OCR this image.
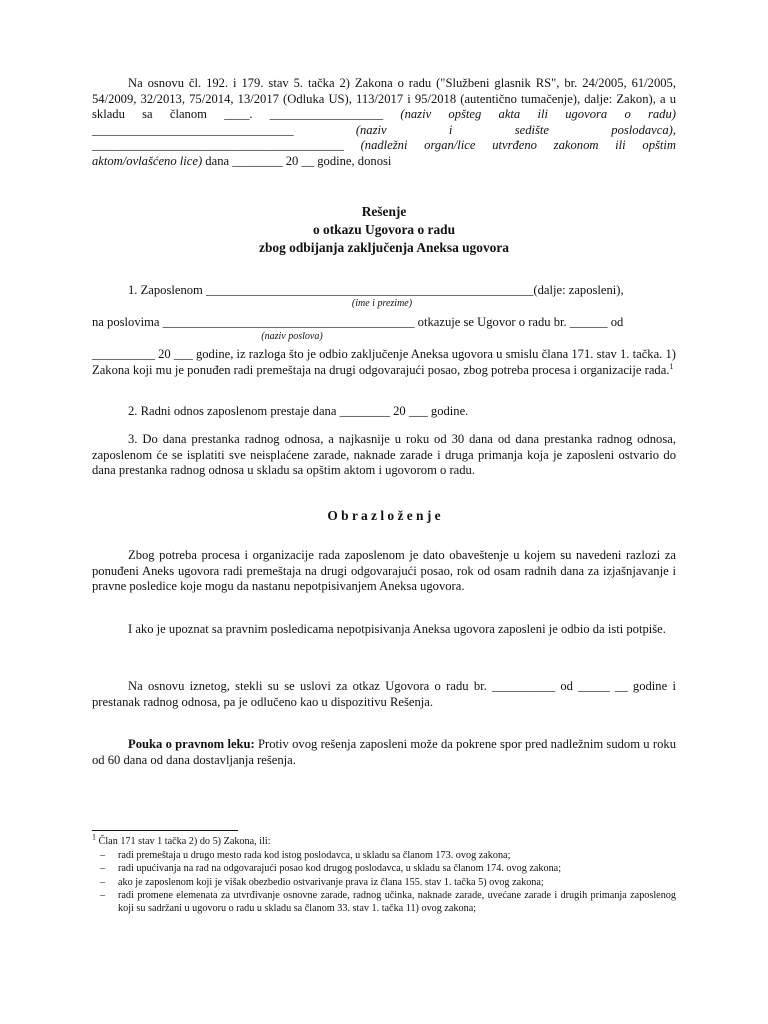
Na osnovu čl. 192. i 179. stav 5. tačka 2) Zakona o radu ("Službeni glasnik RS", br. 24/2005, 61/2005, 54/2009, 32/2013, 75/2014, 13/2017 (Odluka US), 113/2017 i 95/2018 (autentično tumačenje), dalje: Zakon), a u skladu sa članom ____. __________________ (naziv opšteg akta ili ugovora o radu) ________________________________ (naziv i sedište poslodavca), ________________________________________ (nadležni organ/lice utvrđeno zakonom ili opštim aktom/ovlašćeno lice) dana ________ 20 __ godine, donosi
Rešenje
o otkazu Ugovora o radu
zbog odbijanja zaključenja Aneksa ugovora
1. Zaposlenom ____________________________________________________(dalje: zaposleni),
(ime i prezime)
na poslovima ________________________________________ otkazuje se Ugovor o radu br. ______ od
(naziv poslova)
__________ 20 ___ godine, iz razloga što je odbio zaključenje Aneksa ugovora u smislu člana 171. stav 1. tačka. 1) Zakona koji mu je ponuđen radi premeštaja na drugi odgovarajući posao, zbog potreba procesa i organizacije rada.$^1$
2. Radni odnos zaposlenom prestaje dana ________ 20 ___ godine.
3. Do dana prestanka radnog odnosa, a najkasnije u roku od 30 dana od dana prestanka radnog odnosa, zaposlenom će se isplatiti sve neisplaćene zarade, naknade zarade i druga primanja koja je zaposleni ostvario do dana prestanka radnog odnosa u skladu sa opštim aktom i ugovorom o radu.
O b r a z l o ž e n j e
Zbog potreba procesa i organizacije rada zaposlenom je dato obaveštenje u kojem su navedeni razlozi za ponuđeni Aneks ugovora radi premeštaja na drugi odgovarajući posao, rok od osam radnih dana za izjašnjavanje i pravne posledice koje mogu da nastanu nepotpisivanjem Aneksa ugovora.
I ako je upoznat sa pravnim posledicama nepotpisivanja Aneksa ugovora zaposleni je odbio da isti potpiše.
Na osnovu iznetog, stekli su se uslovi za otkaz Ugovora o radu br. __________ od _____ __ godine i prestanak radnog odnosa, pa je odlučeno kao u dispozitivu Rešenja.
Pouka o pravnom leku: Protiv ovog rešenja zaposleni može da pokrene spor pred nadležnim sudom u roku od 60 dana od dana dostavljanja rešenja.
$^1$ Član 171 stav 1 tačka 2) do 5) Zakona, ili:
– radi premeštaja u drugo mesto rada kod istog poslodavca, u skladu sa članom 173. ovog zakona;
– radi upućivanja na rad na odgovarajući posao kod drugog poslodavca, u skladu sa članom 174. ovog zakona;
– ako je zaposlenom koji je višak obezbedio ostvarivanje prava iz člana 155. stav 1. tačka 5) ovog zakona;
– radi promene elemenata za utvrđivanje osnovne zarade, radnog učinka, naknade zarade, uvećane zarade i drugih primanja zaposlenog koji su sadržani u ugovoru o radu u skladu sa članom 33. stav 1. tačka 11) ovog zakona;
